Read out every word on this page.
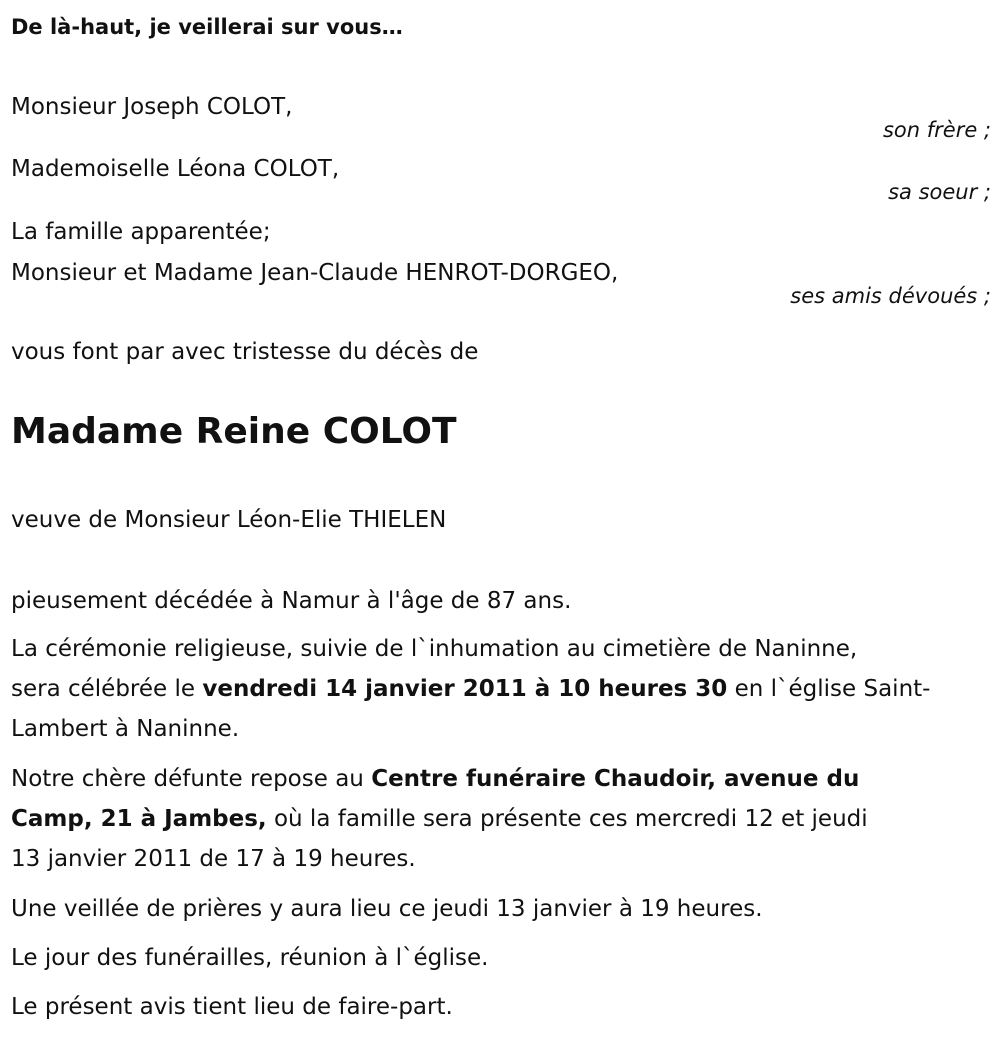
De là-haut, je veillerai sur vous…
Monsieur Joseph COLOT,
son frère ;
Mademoiselle Léona COLOT,
sa soeur ;
La famille apparentée;
Monsieur et Madame Jean-Claude HENROT-DORGEO,
ses amis dévoués ;
vous font par avec tristesse du décès de
Madame Reine COLOT
veuve de Monsieur Léon-Elie THIELEN
pieusement décédée à Namur à l'âge de 87 ans.
La cérémonie religieuse, suivie de l`inhumation au cimetière de Naninne,
sera célébrée le vendredi 14 janvier 2011 à 10 heures 30 en l`église Saint-
Lambert à Naninne.
Notre chère défunte repose au Centre funéraire Chaudoir, avenue du
Camp, 21 à Jambes, où la famille sera présente ces mercredi 12 et jeudi
13 janvier 2011 de 17 à 19 heures.
Une veillée de prières y aura lieu ce jeudi 13 janvier à 19 heures.
Le jour des funérailles, réunion à l`église.
Le présent avis tient lieu de faire-part.
